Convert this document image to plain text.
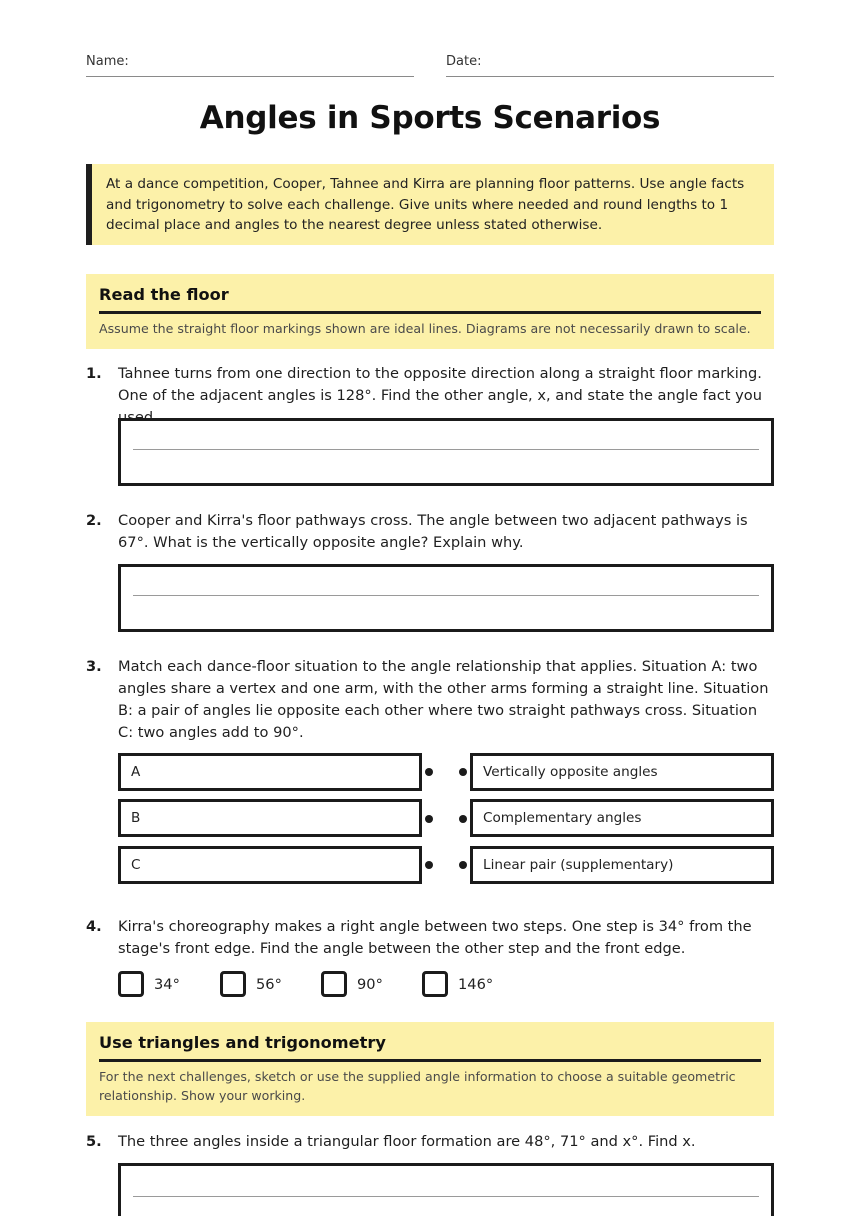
Name:	Date:
Angles in Sports Scenarios
At a dance competition, Cooper, Tahnee and Kirra are planning floor patterns. Use angle facts and trigonometry to solve each challenge. Give units where needed and round lengths to 1 decimal place and angles to the nearest degree unless stated otherwise.
Read the floor
Assume the straight floor markings shown are ideal lines. Diagrams are not necessarily drawn to scale.
1. Tahnee turns from one direction to the opposite direction along a straight floor marking. One of the adjacent angles is 128°. Find the other angle, x, and state the angle fact you
2. Cooper and Kirra's floor pathways cross. The angle between two adjacent pathways is 67°. What is the vertically opposite angle? Explain why.
3. Match each dance-floor situation to the angle relationship that applies. Situation A: two angles share a vertex and one arm, with the other arms forming a straight line. Situation B: a pair of angles lie opposite each other where two straight pathways cross. Situation C: two angles add to 90°.
A	Vertically opposite angles
B	Complementary angles
C	Linear pair (supplementary)
4. Kirra's choreography makes a right angle between two steps. One step is 34° from the stage's front edge. Find the angle between the other step and the front edge.
34°	56°	90°	146°
Use triangles and trigonometry
For the next challenges, sketch or use the supplied angle information to choose a suitable geometric relationship. Show your working.
5. The three angles inside a triangular floor formation are 48°, 71° and x°. Find x.
